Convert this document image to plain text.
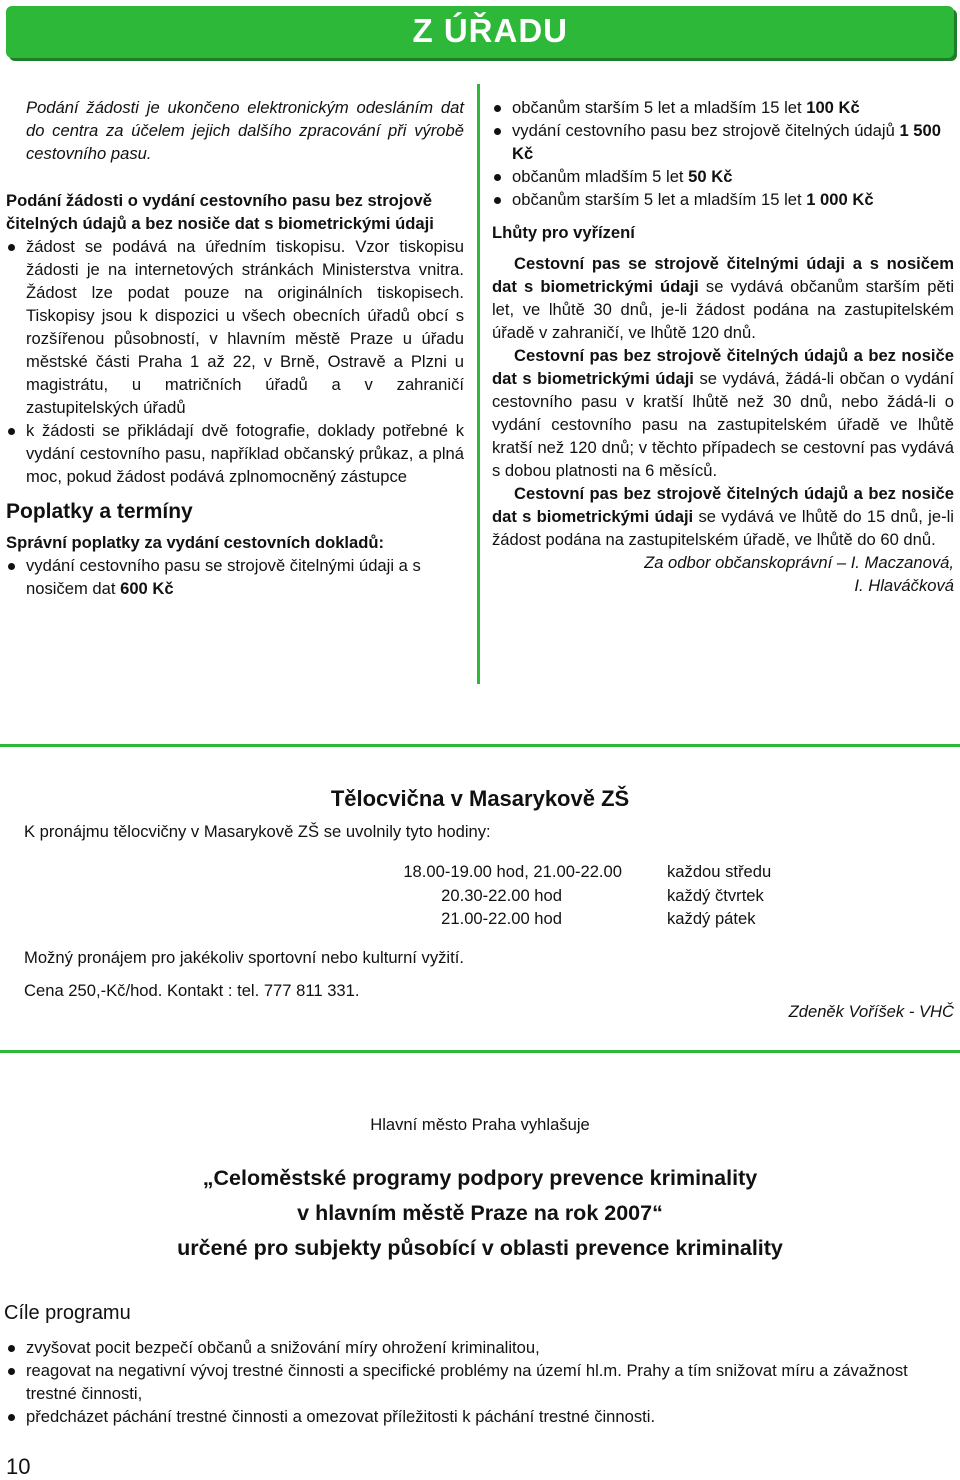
Z ÚŘADU

Podání žádosti je ukončeno elektronickým odesláním dat do centra za účelem jejich dalšího zpracování při výrobě cestovního pasu.

Podání žádosti o vydání cestovního pasu bez strojově čitelných údajů a bez nosiče dat s biometrickými údaji

žádost se podává na úředním tiskopisu. Vzor tiskopisu žádosti je na internetových stránkách Ministerstva vnitra. Žádost lze podat pouze na originálních tiskopisech. Tiskopisy jsou k dispozici u všech obecních úřadů obcí s rozšířenou působností, v hlavním městě Praze u úřadu městské části Praha 1 až 22, v Brně, Ostravě a Plzni u magistrátu, u matričních úřadů a v zahraničí zastupitelských úřadů
k žádosti se přikládají dvě fotografie, doklady potřebné k vydání cestovního pasu, například občanský průkaz, a plná moc, pokud žádost podává zplnomocněný zástupce
Poplatky a termíny

Správní poplatky za vydání cestovních dokladů:

vydání cestovního pasu se strojově čitelnými údaji a s nosičem dat 600 Kč
občanům starším 5 let a mladším 15 let 100 Kč
vydání cestovního pasu bez strojově čitelných údajů 1 500 Kč
občanům mladším 5 let 50 Kč
občanům starším 5 let a mladším 15 let 1 000 Kč

Lhůty pro vyřízení

Cestovní pas se strojově čitelnými údaji a s nosičem dat s biometrickými údaji se vydává občanům starším pěti let, ve lhůtě 30 dnů, je-li žádost podána na zastupitelském úřadě v zahraničí, ve lhůtě 120 dnů.

Cestovní pas bez strojově čitelných údajů a bez nosiče dat s biometrickými údaji se vydává, žádá-li občan o vydání cestovního pasu v kratší lhůtě než 30 dnů, nebo žádá-li o vydání cestovního pasu na zastupitelském úřadě ve lhůtě kratší než 120 dnů; v těchto případech se cestovní pas vydává s dobou platnosti na 6 měsíců.

Cestovní pas bez strojově čitelných údajů a bez nosiče dat s biometrickými údaji se vydává ve lhůtě do 15 dnů, je-li žádost podána na zastupitelském úřadě, ve lhůtě do 60 dnů.

Za odbor občanskoprávní – I. Maczanová,

I. Hlaváčková

Tělocvična v Masarykově ZŠ
K pronájmu tělocvičny v Masarykově ZŠ se uvolnily tyto hodiny:
18.00-19.00 hod, 21.00-22.00	každou středu
20.30-22.00 hod	každý čtvrtek
21.00-22.00 hod	každý pátek
Možný pronájem pro jakékoliv sportovní nebo kulturní vyžití.
Cena 250,-Kč/hod. Kontakt : tel. 777 811 331.
Zdeněk Voříšek - VHČ
Hlavní město Praha vyhlašuje
„Celoměstské programy podpory prevence kriminality
v hlavním městě Praze na rok 2007“
určené pro subjekty působící v oblasti prevence kriminality
Cíle programu
zvyšovat pocit bezpečí občanů a snižování míry ohrožení kriminalitou,
reagovat na negativní vývoj trestné činnosti a specifické problémy na území hl.m. Prahy a tím snižovat míru a závažnost trestné činnosti,
předcházet páchání trestné činnosti a omezovat příležitosti k páchání trestné činnosti.
10
